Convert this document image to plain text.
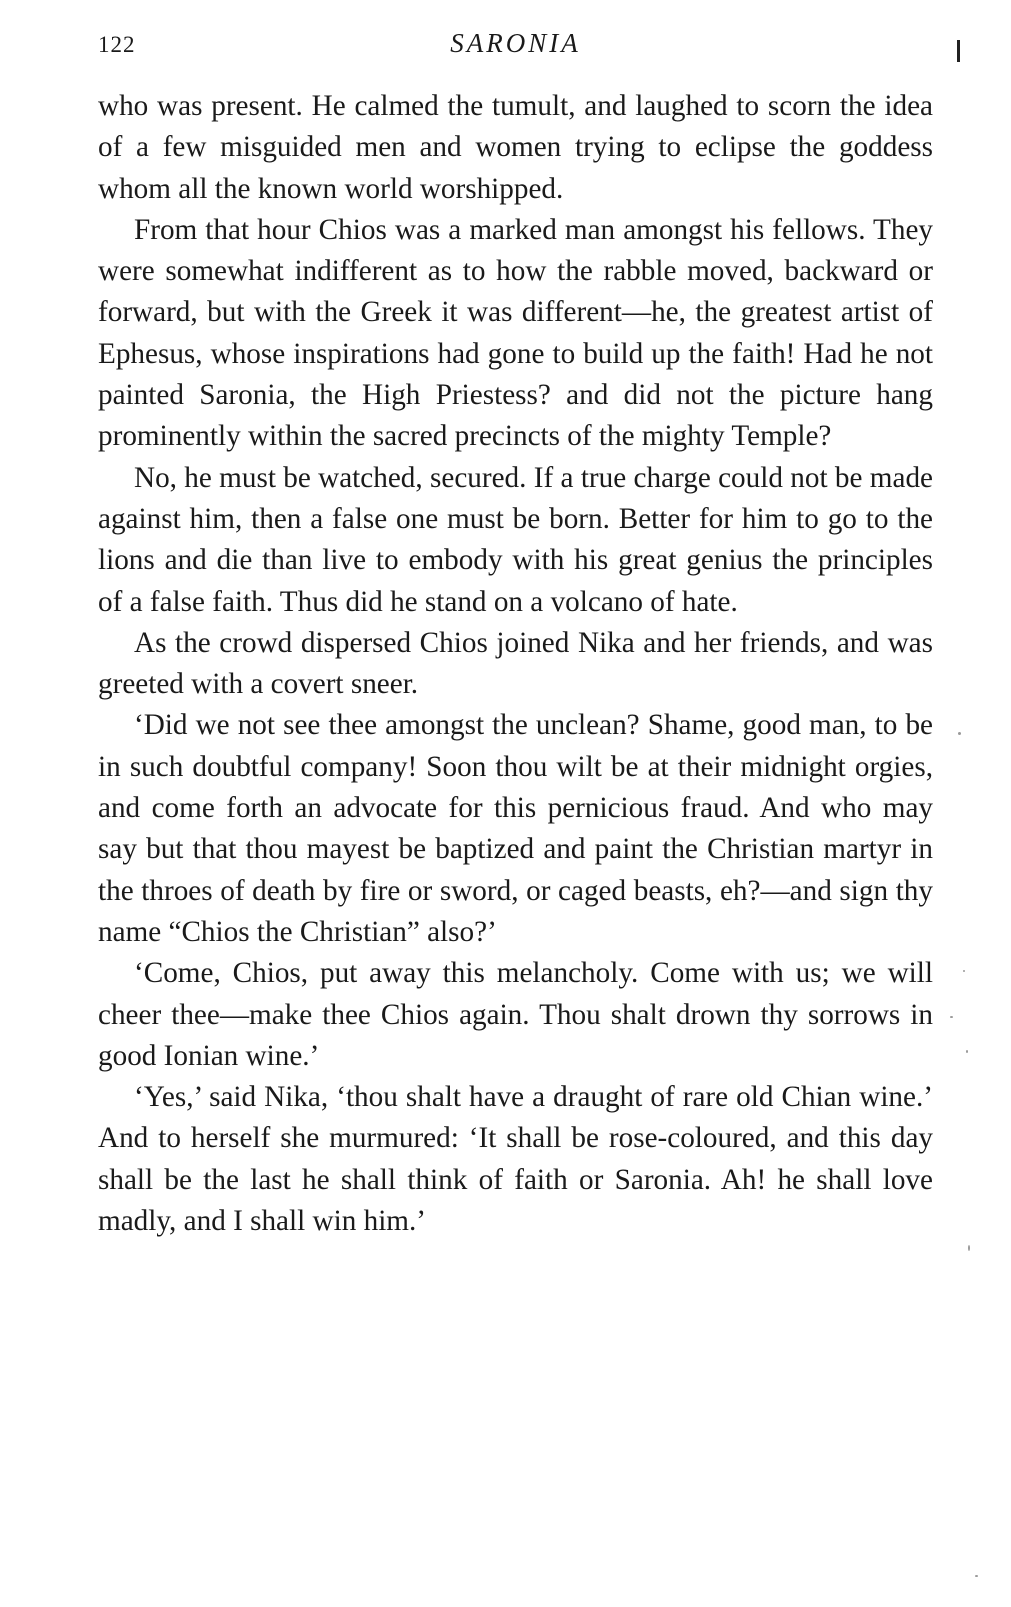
122	SARONIA

who was present. He calmed the tumult, and laughed to scorn the idea of a few misguided men and women trying to eclipse the goddess whom all the known world worshipped.

From that hour Chios was a marked man amongst his fellows. They were somewhat indifferent as to how the rabble moved, backward or forward, but with the Greek it was different—he, the greatest artist of Ephesus, whose inspirations had gone to build up the faith! Had he not painted Saronia, the High Priestess? and did not the picture hang prominently within the sacred precincts of the mighty Temple?

No, he must be watched, secured. If a true charge could not be made against him, then a false one must be born. Better for him to go to the lions and die than live to embody with his great genius the principles of a false faith. Thus did he stand on a volcano of hate.

As the crowd dispersed Chios joined Nika and her friends, and was greeted with a covert sneer.

‘Did we not see thee amongst the unclean? Shame, good man, to be in such doubtful company! Soon thou wilt be at their midnight orgies, and come forth an advocate for this pernicious fraud. And who may say but that thou mayest be baptized and paint the Christian martyr in the throes of death by fire or sword, or caged beasts, eh?—and sign thy name “Chios the Christian” also?’

‘Come, Chios, put away this melancholy. Come with us; we will cheer thee—make thee Chios again. Thou shalt drown thy sorrows in good Ionian wine.’

‘Yes,’ said Nika, ‘thou shalt have a draught of rare old Chian wine.’ And to herself she murmured: ‘It shall be rose-coloured, and this day shall be the last he shall think of faith or Saronia. Ah! he shall love madly, and I shall win him.’
